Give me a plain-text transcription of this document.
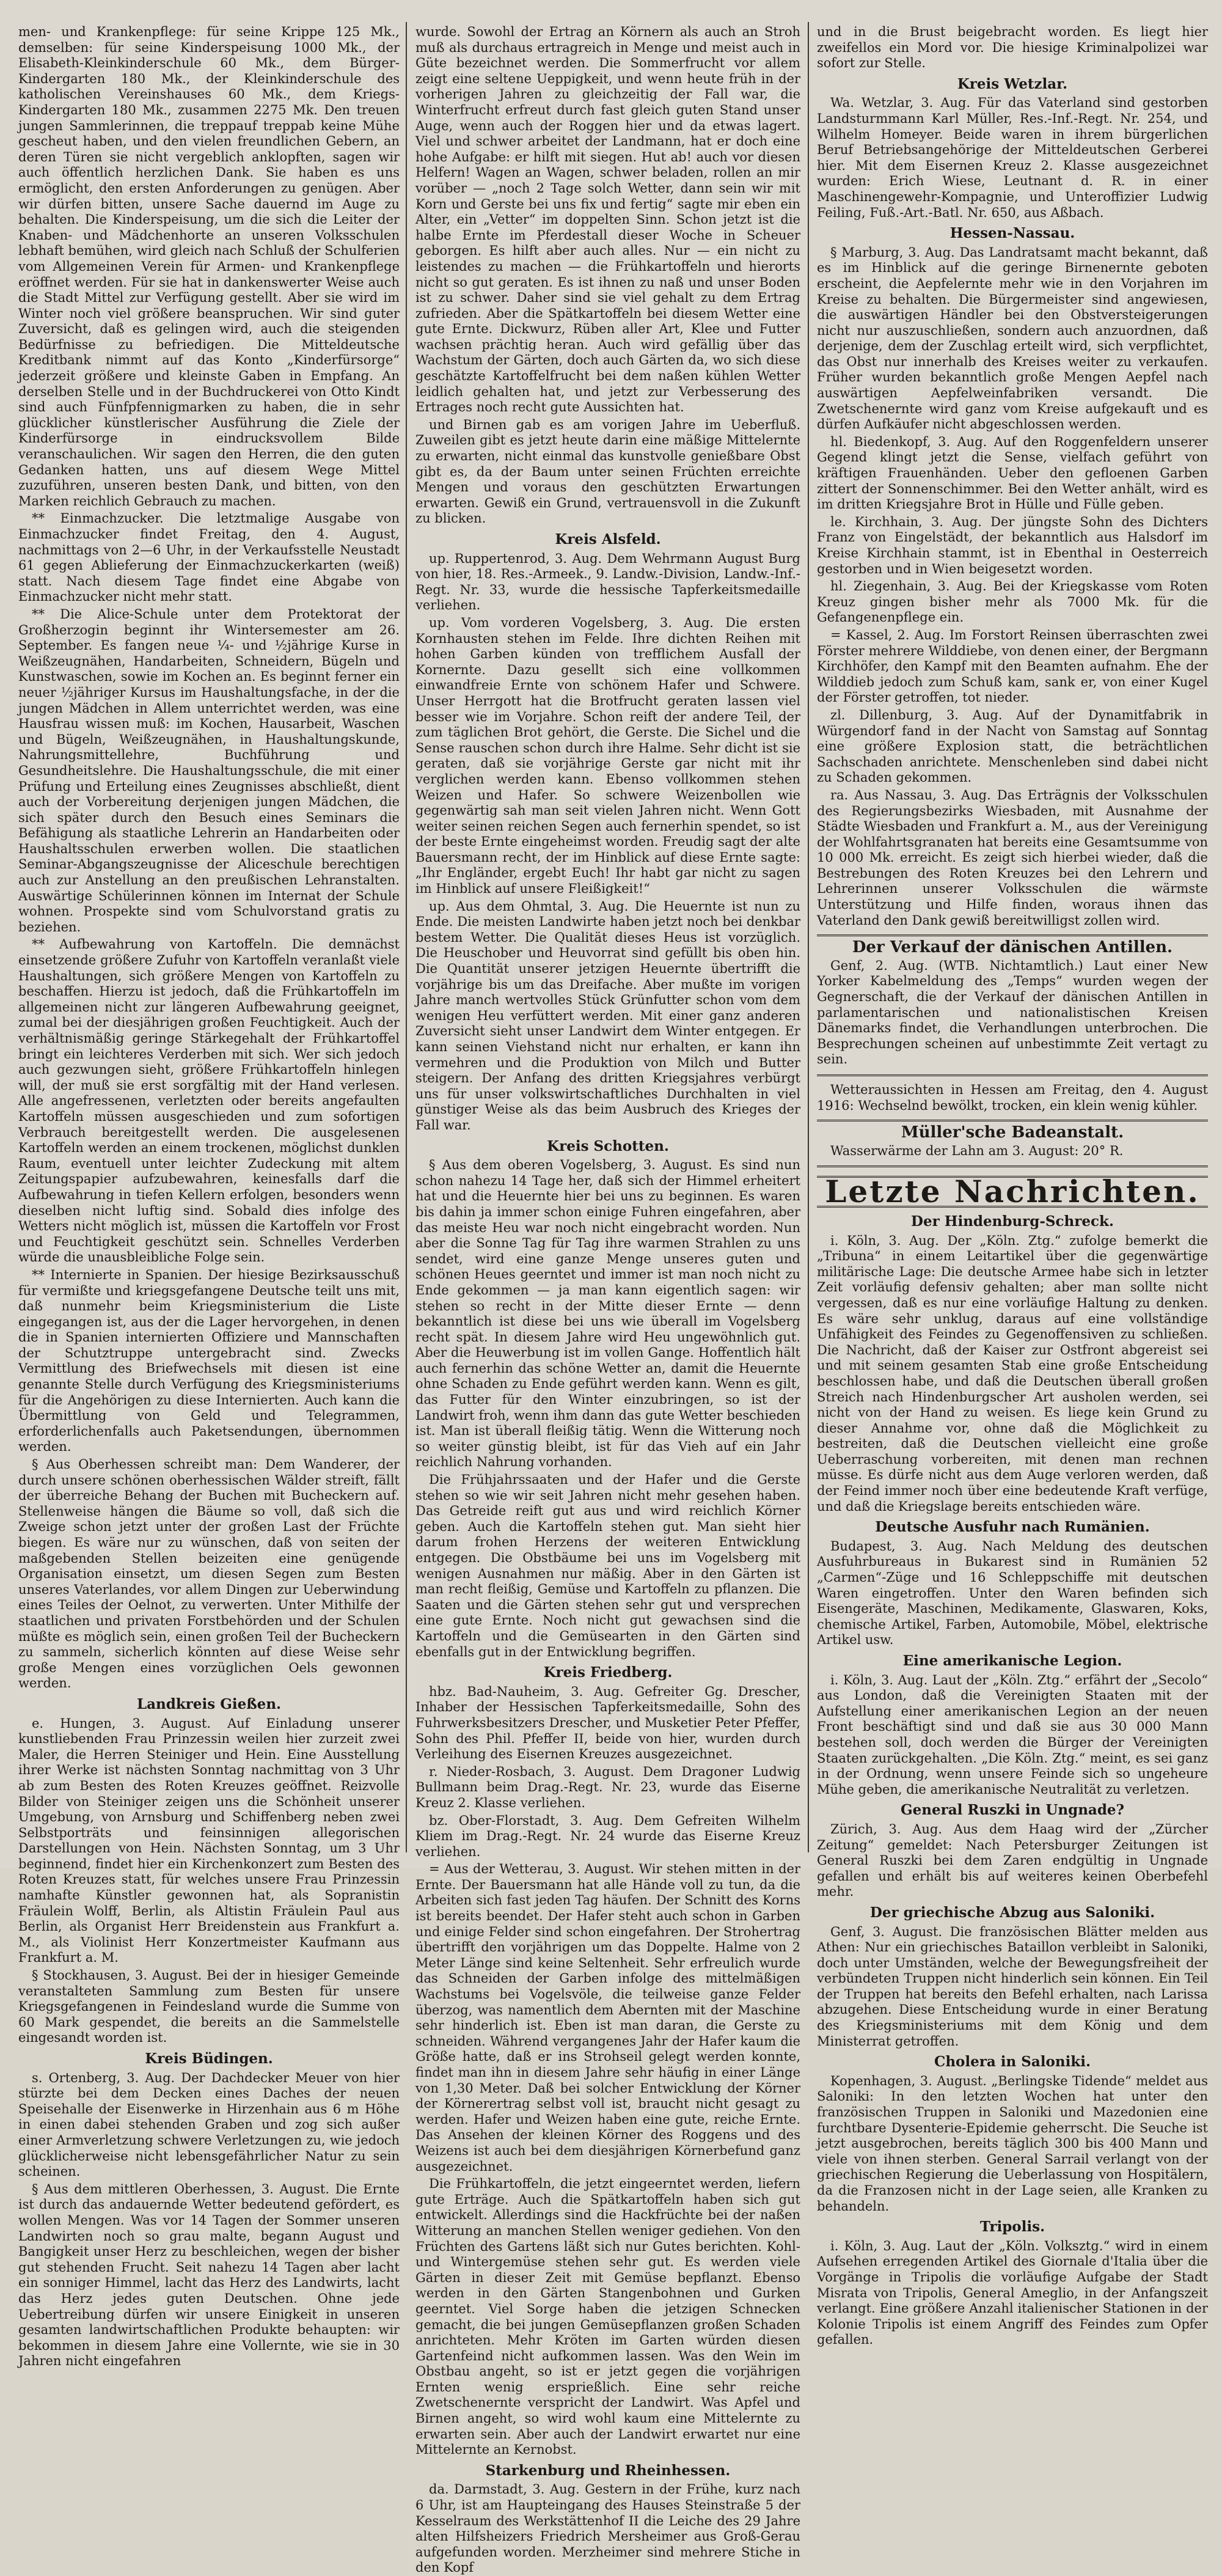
men- und Krankenpflege: für seine Krippe 125 Mk., demselben: für seine Kinderspeisung 1000 Mk., der Elisabeth-Kleinkinderschule 60 Mk., dem Bürger-Kindergarten 180 Mk., der Kleinkinderschule des katholischen Vereinshauses 60 Mk., dem Kriegs-Kindergarten 180 Mk., zusammen 2275 Mk. Den treuen jungen Sammlerinnen, die treppauf treppab keine Mühe gescheut haben, und den vielen freundlichen Gebern, an deren Türen sie nicht vergeblich anklopften, sagen wir auch öffentlich herzlichen Dank. Sie haben es uns ermöglicht, den ersten Anforderungen zu genügen. Aber wir dürfen bitten, unsere Sache dauernd im Auge zu behalten. Die Kinderspeisung, um die sich die Leiter der Knaben- und Mädchenhorte an unseren Volksschulen lebhaft bemühen, wird gleich nach Schluß der Schulferien vom Allgemeinen Verein für Armen- und Krankenpflege eröffnet werden. Für sie hat in dankenswerter Weise auch die Stadt Mittel zur Verfügung gestellt. Aber sie wird im Winter noch viel größere beanspruchen. Wir sind guter Zuversicht, daß es gelingen wird, auch die steigenden Bedürfnisse zu befriedigen. Die Mitteldeutsche Kreditbank nimmt auf das Konto „Kinderfürsorge“ jederzeit größere und kleinste Gaben in Empfang. An derselben Stelle und in der Buchdruckerei von Otto Kindt sind auch Fünfpfennigmarken zu haben, die in sehr glücklicher künstlerischer Ausführung die Ziele der Kinderfürsorge in eindrucksvollem Bilde veranschaulichen. Wir sagen den Herren, die den guten Gedanken hatten, uns auf diesem Wege Mittel zuzuführen, unseren besten Dank, und bitten, von den Marken reichlich Gebrauch zu machen.

** Einmachzucker. Die letztmalige Ausgabe von Einmachzucker findet Freitag, den 4. August, nachmittags von 2—6 Uhr, in der Verkaufsstelle Neustadt 61 gegen Ablieferung der Einmachzuckerkarten (weiß) statt. Nach diesem Tage findet eine Abgabe von Einmachzucker nicht mehr statt.

** Die Alice-Schule unter dem Protektorat der Großherzogin beginnt ihr Wintersemester am 26. September. Es fangen neue ¼- und ½jährige Kurse in Weißzeugnähen, Handarbeiten, Schneidern, Bügeln und Kunstwaschen, sowie im Kochen an. Es beginnt ferner ein neuer ½jähriger Kursus im Haushaltungsfache, in der die jungen Mädchen in Allem unterrichtet werden, was eine Hausfrau wissen muß: im Kochen, Hausarbeit, Waschen und Bügeln, Weißzeugnähen, in Haushaltungskunde, Nahrungsmittellehre, Buchführung und Gesundheitslehre. Die Haushaltungsschule, die mit einer Prüfung und Erteilung eines Zeugnisses abschließt, dient auch der Vorbereitung derjenigen jungen Mädchen, die sich später durch den Besuch eines Seminars die Befähigung als staatliche Lehrerin an Handarbeiten oder Haushaltsschulen erwerben wollen. Die staatlichen Seminar-Abgangszeugnisse der Aliceschule berechtigen auch zur Anstellung an den preußischen Lehranstalten. Auswärtige Schülerinnen können im Internat der Schule wohnen. Prospekte sind vom Schulvorstand gratis zu beziehen.

** Aufbewahrung von Kartoffeln. Die demnächst einsetzende größere Zufuhr von Kartoffeln veranlaßt viele Haushaltungen, sich größere Mengen von Kartoffeln zu beschaffen. Hierzu ist jedoch, daß die Frühkartoffeln im allgemeinen nicht zur längeren Aufbewahrung geeignet, zumal bei der diesjährigen großen Feuchtigkeit. Auch der verhältnismäßig geringe Stärkegehalt der Frühkartoffel bringt ein leichteres Verderben mit sich. Wer sich jedoch auch gezwungen sieht, größere Frühkartoffeln hinlegen will, der muß sie erst sorgfältig mit der Hand verlesen. Alle angefressenen, verletzten oder bereits angefaulten Kartoffeln müssen ausgeschieden und zum sofortigen Verbrauch bereitgestellt werden. Die ausgelesenen Kartoffeln werden an einem trockenen, möglichst dunklen Raum, eventuell unter leichter Zudeckung mit altem Zeitungspapier aufzubewahren, keinesfalls darf die Aufbewahrung in tiefen Kellern erfolgen, besonders wenn dieselben nicht luftig sind. Sobald dies infolge des Wetters nicht möglich ist, müssen die Kartoffeln vor Frost und Feuchtigkeit geschützt sein. Schnelles Verderben würde die unausbleibliche Folge sein.

** Internierte in Spanien. Der hiesige Bezirksausschuß für vermißte und kriegsgefangene Deutsche teilt uns mit, daß nunmehr beim Kriegsministerium die Liste eingegangen ist, aus der die Lager hervorgehen, in denen die in Spanien internierten Offiziere und Mannschaften der Schutztruppe untergebracht sind. Zwecks Vermittlung des Briefwechsels mit diesen ist eine genannte Stelle durch Verfügung des Kriegsministeriums für die Angehörigen zu diese Internierten. Auch kann die Übermittlung von Geld und Telegrammen, erforderlichenfalls auch Paketsendungen, übernommen werden.

§ Aus Oberhessen schreibt man: Dem Wanderer, der durch unsere schönen oberhessischen Wälder streift, fällt der überreiche Behang der Buchen mit Bucheckern auf. Stellenweise hängen die Bäume so voll, daß sich die Zweige schon jetzt unter der großen Last der Früchte biegen. Es wäre nur zu wünschen, daß von seiten der maßgebenden Stellen beizeiten eine genügende Organisation einsetzt, um diesen Segen zum Besten unseres Vaterlandes, vor allem Dingen zur Ueberwindung eines Teiles der Oelnot, zu verwerten. Unter Mithilfe der staatlichen und privaten Forstbehörden und der Schulen müßte es möglich sein, einen großen Teil der Bucheckern zu sammeln, sicherlich könnten auf diese Weise sehr große Mengen eines vorzüglichen Oels gewonnen werden.

Landkreis Gießen.

e. Hungen, 3. August. Auf Einladung unserer kunstliebenden Frau Prinzessin weilen hier zurzeit zwei Maler, die Herren Steiniger und Hein. Eine Ausstellung ihrer Werke ist nächsten Sonntag nachmittag von 3 Uhr ab zum Besten des Roten Kreuzes geöffnet. Reizvolle Bilder von Steiniger zeigen uns die Schönheit unserer Umgebung, von Arnsburg und Schiffenberg neben zwei Selbstporträts und feinsinnigen allegorischen Darstellungen von Hein. Nächsten Sonntag, um 3 Uhr beginnend, findet hier ein Kirchenkonzert zum Besten des Roten Kreuzes statt, für welches unsere Frau Prinzessin namhafte Künstler gewonnen hat, als Sopranistin Fräulein Wolff, Berlin, als Altistin Fräulein Paul aus Berlin, als Organist Herr Breidenstein aus Frankfurt a. M., als Violinist Herr Konzertmeister Kaufmann aus Frankfurt a. M.

§ Stockhausen, 3. August. Bei der in hiesiger Gemeinde veranstalteten Sammlung zum Besten für unsere Kriegsgefangenen in Feindesland wurde die Summe von 60 Mark gespendet, die bereits an die Sammelstelle eingesandt worden ist.

Kreis Büdingen.

s. Ortenberg, 3. Aug. Der Dachdecker Meuer von hier stürzte bei dem Decken eines Daches der neuen Speisehalle der Eisenwerke in Hirzenhain aus 6 m Höhe in einen dabei stehenden Graben und zog sich außer einer Armverletzung schwere Verletzungen zu, wie jedoch glücklicherweise nicht lebensgefährlicher Natur zu sein scheinen.

§ Aus dem mittleren Oberhessen, 3. August. Die Ernte ist durch das andauernde Wetter bedeutend gefördert, es wollen Mengen. Was vor 14 Tagen der Sommer unseren Landwirten noch so grau malte, begann August und Bangigkeit unser Herz zu beschleichen, wegen der bisher gut stehenden Frucht. Seit nahezu 14 Tagen aber lacht ein sonniger Himmel, lacht das Herz des Landwirts, lacht das Herz jedes guten Deutschen. Ohne jede Uebertreibung dürfen wir unsere Einigkeit in unseren gesamten landwirtschaftlichen Produkte behaupten: wir bekommen in diesem Jahre eine Vollernte, wie sie in 30 Jahren nicht eingefahren

wurde. Sowohl der Ertrag an Körnern als auch an Stroh muß als durchaus ertragreich in Menge und meist auch in Güte bezeichnet werden. Die Sommerfrucht vor allem zeigt eine seltene Ueppigkeit, und wenn heute früh in der vorherigen Jahren zu gleichzeitig der Fall war, die Winterfrucht erfreut durch fast gleich guten Stand unser Auge, wenn auch der Roggen hier und da etwas lagert. Viel und schwer arbeitet der Landmann, hat er doch eine hohe Aufgabe: er hilft mit siegen. Hut ab! auch vor diesen Helfern! Wagen an Wagen, schwer beladen, rollen an mir vorüber — „noch 2 Tage solch Wetter, dann sein wir mit Korn und Gerste bei uns fix und fertig“ sagte mir eben ein Alter, ein „Vetter“ im doppelten Sinn. Schon jetzt ist die halbe Ernte im Pferdestall dieser Woche in Scheuer geborgen. Es hilft aber auch alles. Nur — ein nicht zu leistendes zu machen — die Frühkartoffeln und hierorts nicht so gut geraten. Es ist ihnen zu naß und unser Boden ist zu schwer. Daher sind sie viel gehalt zu dem Ertrag zufrieden. Aber die Spätkartoffeln bei diesem Wetter eine gute Ernte. Dickwurz, Rüben aller Art, Klee und Futter wachsen prächtig heran. Auch wird gefällig über das Wachstum der Gärten, doch auch Gärten da, wo sich diese geschätzte Kartoffelfrucht bei dem naßen kühlen Wetter leidlich gehalten hat, und jetzt zur Verbesserung des Ertrages noch recht gute Aussichten hat.

und Birnen gab es am vorigen Jahre im Ueberfluß. Zuweilen gibt es jetzt heute darin eine mäßige Mittelernte zu erwarten, nicht einmal das kunstvolle genießbare Obst gibt es, da der Baum unter seinen Früchten erreichte Mengen und voraus den geschützten Erwartungen erwarten. Gewiß ein Grund, vertrauensvoll in die Zukunft zu blicken.

Kreis Alsfeld.

up. Ruppertenrod, 3. Aug. Dem Wehrmann August Burg von hier, 18. Res.-Armeek., 9. Landw.-Division, Landw.-Inf.-Regt. Nr. 33, wurde die hessische Tapferkeitsmedaille verliehen.

up. Vom vorderen Vogelsberg, 3. Aug. Die ersten Kornhausten stehen im Felde. Ihre dichten Reihen mit hohen Garben künden von trefflichem Ausfall der Kornernte. Dazu gesellt sich eine vollkommen einwandfreie Ernte von schönem Hafer und Schwere. Unser Herrgott hat die Brotfrucht geraten lassen viel besser wie im Vorjahre. Schon reift der andere Teil, der zum täglichen Brot gehört, die Gerste. Die Sichel und die Sense rauschen schon durch ihre Halme. Sehr dicht ist sie geraten, daß sie vorjährige Gerste gar nicht mit ihr verglichen werden kann. Ebenso vollkommen stehen Weizen und Hafer. So schwere Weizenbollen wie gegenwärtig sah man seit vielen Jahren nicht. Wenn Gott weiter seinen reichen Segen auch fernerhin spendet, so ist der beste Ernte eingeheimst worden. Freudig sagt der alte Bauersmann recht, der im Hinblick auf diese Ernte sagte: „Ihr Engländer, ergebt Euch! Ihr habt gar nicht zu sagen im Hinblick auf unsere Fleißigkeit!“

up. Aus dem Ohmtal, 3. Aug. Die Heuernte ist nun zu Ende. Die meisten Landwirte haben jetzt noch bei denkbar bestem Wetter. Die Qualität dieses Heus ist vorzüglich. Die Heuschober und Heuvorrat sind gefüllt bis oben hin. Die Quantität unserer jetzigen Heuernte übertrifft die vorjährige bis um das Dreifache. Aber mußte im vorigen Jahre manch wertvolles Stück Grünfutter schon vom dem wenigen Heu verfüttert werden. Mit einer ganz anderen Zuversicht sieht unser Landwirt dem Winter entgegen. Er kann seinen Viehstand nicht nur erhalten, er kann ihn vermehren und die Produktion von Milch und Butter steigern. Der Anfang des dritten Kriegsjahres verbürgt uns für unser volkswirtschaftliches Durchhalten in viel günstiger Weise als das beim Ausbruch des Krieges der Fall war.

Kreis Schotten.

§ Aus dem oberen Vogelsberg, 3. August. Es sind nun schon nahezu 14 Tage her, daß sich der Himmel erheitert hat und die Heuernte hier bei uns zu beginnen. Es waren bis dahin ja immer schon einige Fuhren eingefahren, aber das meiste Heu war noch nicht eingebracht worden. Nun aber die Sonne Tag für Tag ihre warmen Strahlen zu uns sendet, wird eine ganze Menge unseres guten und schönen Heues geerntet und immer ist man noch nicht zu Ende gekommen — ja man kann eigentlich sagen: wir stehen so recht in der Mitte dieser Ernte — denn bekanntlich ist diese bei uns wie überall im Vogelsberg recht spät. In diesem Jahre wird Heu ungewöhnlich gut. Aber die Heuwerbung ist im vollen Gange. Hoffentlich hält auch fernerhin das schöne Wetter an, damit die Heuernte ohne Schaden zu Ende geführt werden kann. Wenn es gilt, das Futter für den Winter einzubringen, so ist der Landwirt froh, wenn ihm dann das gute Wetter beschieden ist. Man ist überall fleißig tätig. Wenn die Witterung noch so weiter günstig bleibt, ist für das Vieh auf ein Jahr reichlich Nahrung vorhanden.

Die Frühjahrssaaten und der Hafer und die Gerste stehen so wie wir seit Jahren nicht mehr gesehen haben. Das Getreide reift gut aus und wird reichlich Körner geben. Auch die Kartoffeln stehen gut. Man sieht hier darum frohen Herzens der weiteren Entwicklung entgegen. Die Obstbäume bei uns im Vogelsberg mit wenigen Ausnahmen nur mäßig. Aber in den Gärten ist man recht fleißig, Gemüse und Kartoffeln zu pflanzen. Die Saaten und die Gärten stehen sehr gut und versprechen eine gute Ernte. Noch nicht gut gewachsen sind die Kartoffeln und die Gemüsearten in den Gärten sind ebenfalls gut in der Entwicklung begriffen.

Kreis Friedberg.

hbz. Bad-Nauheim, 3. Aug. Gefreiter Gg. Drescher, Inhaber der Hessischen Tapferkeitsmedaille, Sohn des Fuhrwerksbesitzers Drescher, und Musketier Peter Pfeffer, Sohn des Phil. Pfeffer II, beide von hier, wurden durch Verleihung des Eisernen Kreuzes ausgezeichnet.

r. Nieder-Rosbach, 3. August. Dem Dragoner Ludwig Bullmann beim Drag.-Regt. Nr. 23, wurde das Eiserne Kreuz 2. Klasse verliehen.

bz. Ober-Florstadt, 3. Aug. Dem Gefreiten Wilhelm Kliem im Drag.-Regt. Nr. 24 wurde das Eiserne Kreuz verliehen.

= Aus der Wetterau, 3. August. Wir stehen mitten in der Ernte. Der Bauersmann hat alle Hände voll zu tun, da die Arbeiten sich fast jeden Tag häufen. Der Schnitt des Korns ist bereits beendet. Der Hafer steht auch schon in Garben und einige Felder sind schon eingefahren. Der Strohertrag übertrifft den vorjährigen um das Doppelte. Halme von 2 Meter Länge sind keine Seltenheit. Sehr erfreulich wurde das Schneiden der Garben infolge des mittelmäßigen Wachstums bei Vogelsvöle, die teilweise ganze Felder überzog, was namentlich dem Abernten mit der Maschine sehr hinderlich ist. Eben ist man daran, die Gerste zu schneiden. Während vergangenes Jahr der Hafer kaum die Größe hatte, daß er ins Strohseil gelegt werden konnte, findet man ihn in diesem Jahre sehr häufig in einer Länge von 1,30 Meter. Daß bei solcher Entwicklung der Körner der Körnerertrag selbst voll ist, braucht nicht gesagt zu werden. Hafer und Weizen haben eine gute, reiche Ernte. Das Ansehen der kleinen Körner des Roggens und des Weizens ist auch bei dem diesjährigen Körnerbefund ganz ausgezeichnet.

Die Frühkartoffeln, die jetzt eingeerntet werden, liefern gute Erträge. Auch die Spätkartoffeln haben sich gut entwickelt. Allerdings sind die Hackfrüchte bei der naßen Witterung an manchen Stellen weniger gediehen. Von den Früchten des Gartens läßt sich nur Gutes berichten. Kohl- und Wintergemüse stehen sehr gut. Es werden viele Gärten in dieser Zeit mit Gemüse bepflanzt. Ebenso werden in den Gärten Stangenbohnen und Gurken geerntet. Viel Sorge haben die jetzigen Schnecken gemacht, die bei jungen Gemüsepflanzen großen Schaden anrichteten. Mehr Kröten im Garten würden diesen Gartenfeind nicht aufkommen lassen. Was den Wein im Obstbau angeht, so ist er jetzt gegen die vorjährigen Ernten wenig ersprießlich. Eine sehr reiche Zwetschenernte verspricht der Landwirt. Was Apfel und Birnen angeht, so wird wohl kaum eine Mittelernte zu erwarten sein. Aber auch der Landwirt erwartet nur eine Mittelernte an Kernobst.

Starkenburg und Rheinhessen.

da. Darmstadt, 3. Aug. Gestern in der Frühe, kurz nach 6 Uhr, ist am Haupteingang des Hauses Steinstraße 5 der Kesselraum des Werkstättenhof II die Leiche des 29 Jahre alten Hilfsheizers Friedrich Mersheimer aus Groß-Gerau aufgefunden worden. Merzheimer sind mehrere Stiche in den Kopf

und in die Brust beigebracht worden. Es liegt hier zweifellos ein Mord vor. Die hiesige Kriminalpolizei war sofort zur Stelle.

Kreis Wetzlar.

Wa. Wetzlar, 3. Aug. Für das Vaterland sind gestorben Landsturmmann Karl Müller, Res.-Inf.-Regt. Nr. 254, und Wilhelm Homeyer. Beide waren in ihrem bürgerlichen Beruf Betriebsangehörige der Mitteldeutschen Gerberei hier. Mit dem Eisernen Kreuz 2. Klasse ausgezeichnet wurden: Erich Wiese, Leutnant d. R. in einer Maschinengewehr-Kompagnie, und Unteroffizier Ludwig Feiling, Fuß.-Art.-Batl. Nr. 650, aus Aßbach.

Hessen-Nassau.

§ Marburg, 3. Aug. Das Landratsamt macht bekannt, daß es im Hinblick auf die geringe Birnenernte geboten erscheint, die Aepfelernte mehr wie in den Vorjahren im Kreise zu behalten. Die Bürgermeister sind angewiesen, die auswärtigen Händler bei den Obstversteigerungen nicht nur auszuschließen, sondern auch anzuordnen, daß derjenige, dem der Zuschlag erteilt wird, sich verpflichtet, das Obst nur innerhalb des Kreises weiter zu verkaufen. Früher wurden bekanntlich große Mengen Aepfel nach auswärtigen Aepfelweinfabriken versandt. Die Zwetschenernte wird ganz vom Kreise aufgekauft und es dürfen Aufkäufer nicht abgeschlossen werden.

hl. Biedenkopf, 3. Aug. Auf den Roggenfeldern unserer Gegend klingt jetzt die Sense, vielfach geführt von kräftigen Frauenhänden. Ueber den gefloenen Garben zittert der Sonnenschimmer. Bei den Wetter anhält, wird es im dritten Kriegsjahre Brot in Hülle und Fülle geben.

le. Kirchhain, 3. Aug. Der jüngste Sohn des Dichters Franz von Eingelstädt, der bekanntlich aus Halsdorf im Kreise Kirchhain stammt, ist in Ebenthal in Oesterreich gestorben und in Wien beigesetzt worden.

hl. Ziegenhain, 3. Aug. Bei der Kriegskasse vom Roten Kreuz gingen bisher mehr als 7000 Mk. für die Gefangenenpflege ein.

= Kassel, 2. Aug. Im Forstort Reinsen überraschten zwei Förster mehrere Wilddiebe, von denen einer, der Bergmann Kirchhöfer, den Kampf mit den Beamten aufnahm. Ehe der Wilddieb jedoch zum Schuß kam, sank er, von einer Kugel der Förster getroffen, tot nieder.

zl. Dillenburg, 3. Aug. Auf der Dynamitfabrik in Würgendorf fand in der Nacht von Samstag auf Sonntag eine größere Explosion statt, die beträchtlichen Sachschaden anrichtete. Menschenleben sind dabei nicht zu Schaden gekommen.

ra. Aus Nassau, 3. Aug. Das Erträgnis der Volksschulen des Regierungsbezirks Wiesbaden, mit Ausnahme der Städte Wiesbaden und Frankfurt a. M., aus der Vereinigung der Wohlfahrtsgranaten hat bereits eine Gesamtsumme von 10 000 Mk. erreicht. Es zeigt sich hierbei wieder, daß die Bestrebungen des Roten Kreuzes bei den Lehrern und Lehrerinnen unserer Volksschulen die wärmste Unterstützung und Hilfe finden, woraus ihnen das Vaterland den Dank gewiß bereitwilligst zollen wird.

Der Verkauf der dänischen Antillen.

Genf, 2. Aug. (WTB. Nichtamtlich.) Laut einer New Yorker Kabelmeldung des „Temps“ wurden wegen der Gegnerschaft, die der Verkauf der dänischen Antillen in parlamentarischen und nationalistischen Kreisen Dänemarks findet, die Verhandlungen unterbrochen. Die Besprechungen scheinen auf unbestimmte Zeit vertagt zu sein.

Wetteraussichten in Hessen am Freitag, den 4. August 1916: Wechselnd bewölkt, trocken, ein klein wenig kühler.

Müller'sche Badeanstalt.

Wasserwärme der Lahn am 3. August: 20° R.

Letzte Nachrichten.
Der Hindenburg-Schreck.

i. Köln, 3. Aug. Der „Köln. Ztg.“ zufolge bemerkt die „Tribuna“ in einem Leitartikel über die gegenwärtige militärische Lage: Die deutsche Armee habe sich in letzter Zeit vorläufig defensiv gehalten; aber man sollte nicht vergessen, daß es nur eine vorläufige Haltung zu denken. Es wäre sehr unklug, daraus auf eine vollständige Unfähigkeit des Feindes zu Gegenoffensiven zu schließen. Die Nachricht, daß der Kaiser zur Ostfront abgereist sei und mit seinem gesamten Stab eine große Entscheidung beschlossen habe, und daß die Deutschen überall großen Streich nach Hindenburgscher Art ausholen werden, sei nicht von der Hand zu weisen. Es liege kein Grund zu dieser Annahme vor, ohne daß die Möglichkeit zu bestreiten, daß die Deutschen vielleicht eine große Ueberraschung vorbereiten, mit denen man rechnen müsse. Es dürfe nicht aus dem Auge verloren werden, daß der Feind immer noch über eine bedeutende Kraft verfüge, und daß die Kriegslage bereits entschieden wäre.

Deutsche Ausfuhr nach Rumänien.

Budapest, 3. Aug. Nach Meldung des deutschen Ausfuhrbureaus in Bukarest sind in Rumänien 52 „Carmen“-Züge und 16 Schleppschiffe mit deutschen Waren eingetroffen. Unter den Waren befinden sich Eisengeräte, Maschinen, Medikamente, Glaswaren, Koks, chemische Artikel, Farben, Automobile, Möbel, elektrische Artikel usw.

Eine amerikanische Legion.

i. Köln, 3. Aug. Laut der „Köln. Ztg.“ erfährt der „Secolo“ aus London, daß die Vereinigten Staaten mit der Aufstellung einer amerikanischen Legion an der neuen Front beschäftigt sind und daß sie aus 30 000 Mann bestehen soll, doch werden die Bürger der Vereinigten Staaten zurückgehalten. „Die Köln. Ztg.“ meint, es sei ganz in der Ordnung, wenn unsere Feinde sich so ungeheure Mühe geben, die amerikanische Neutralität zu verletzen.

General Ruszki in Ungnade?

Zürich, 3. Aug. Aus dem Haag wird der „Zürcher Zeitung“ gemeldet: Nach Petersburger Zeitungen ist General Ruszki bei dem Zaren endgültig in Ungnade gefallen und erhält bis auf weiteres keinen Oberbefehl mehr.

Der griechische Abzug aus Saloniki.

Genf, 3. August. Die französischen Blätter melden aus Athen: Nur ein griechisches Bataillon verbleibt in Saloniki, doch unter Umständen, welche der Bewegungsfreiheit der verbündeten Truppen nicht hinderlich sein können. Ein Teil der Truppen hat bereits den Befehl erhalten, nach Larissa abzugehen. Diese Entscheidung wurde in einer Beratung des Kriegsministeriums mit dem König und dem Ministerrat getroffen.

Cholera in Saloniki.

Kopenhagen, 3. August. „Berlingske Tidende“ meldet aus Saloniki: In den letzten Wochen hat unter den französischen Truppen in Saloniki und Mazedonien eine furchtbare Dysenterie-Epidemie geherrscht. Die Seuche ist jetzt ausgebrochen, bereits täglich 300 bis 400 Mann und viele von ihnen sterben. General Sarrail verlangt von der griechischen Regierung die Ueberlassung von Hospitälern, da die Franzosen nicht in der Lage seien, alle Kranken zu behandeln.

Tripolis.

i. Köln, 3. Aug. Laut der „Köln. Volksztg.“ wird in einem Aufsehen erregenden Artikel des Giornale d'Italia über die Vorgänge in Tripolis die vorläufige Aufgabe der Stadt Misrata von Tripolis, General Ameglio, in der Anfangszeit verlangt. Eine größere Anzahl italienischer Stationen in der Kolonie Tripolis ist einem Angriff des Feindes zum Opfer gefallen.
